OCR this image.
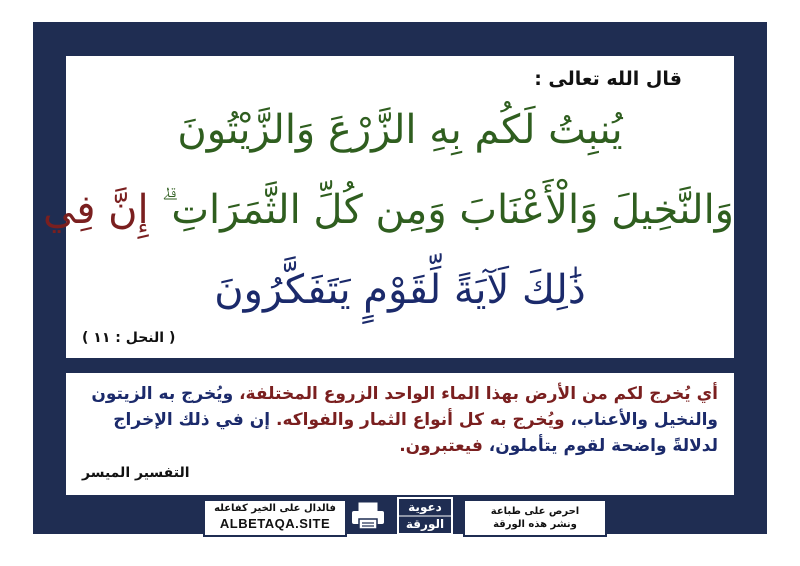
قال الله تعالى :
يُنبِتُ لَكُم بِهِ الزَّرْعَ وَالزَّيْتُونَ
وَالنَّخِيلَ وَالْأَعْنَابَ وَمِن كُلِّ الثَّمَرَاتِ ۗ إِنَّ فِي
ذَٰلِكَ لَآيَةً لِّقَوْمٍ يَتَفَكَّرُونَ
( النحل : ١١ )
أي يُخرج لكم من الأرض بهذا الماء الواحد الزروع المختلفة، ويُخرج به الزيتون والنخيل والأعناب، ويُخرج به كل أنواع الثمار والفواكه. إن في ذلك الإخراج لدلالةً واضحة لقوم يتأملون، فيعتبرون.
التفسير الميسر
فالدال على الخير كفاعله
ALBETAQA.SITE
دعوية
الورقة
احرص على طباعة
ونشر هذه الورقة
